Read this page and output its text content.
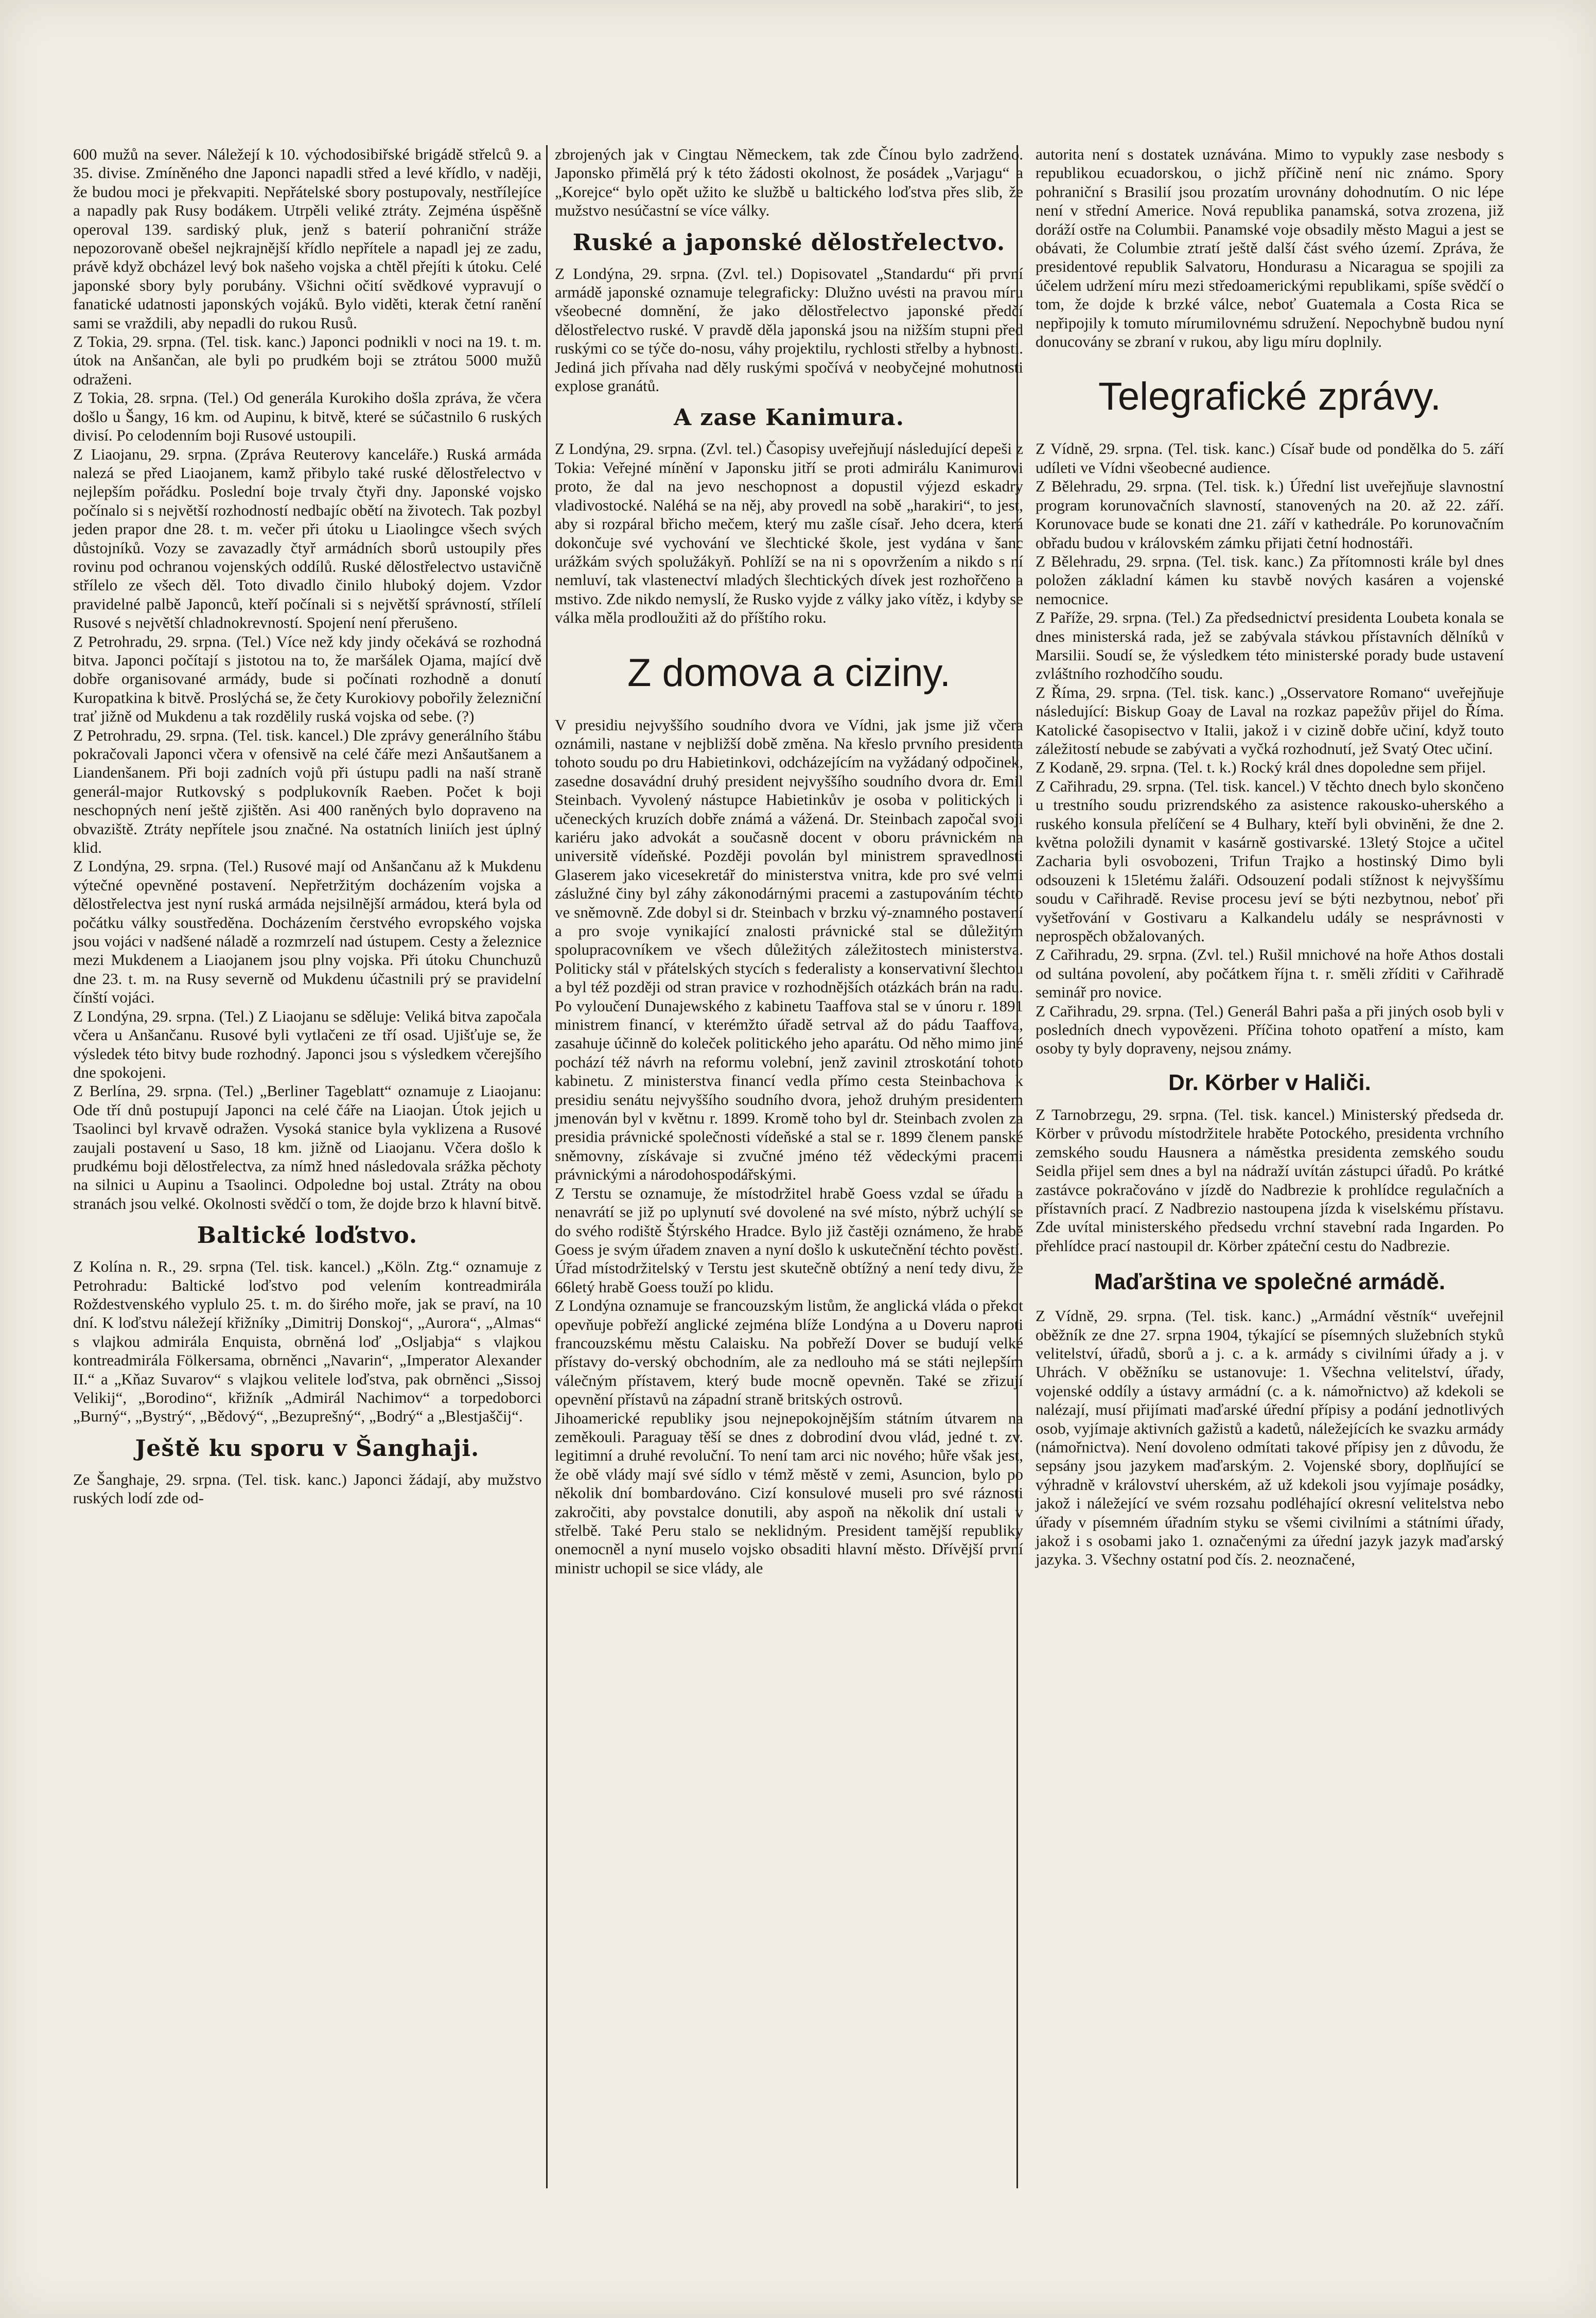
600 mužů na sever. Náležejí k 10. východosibiřské brigádě střelců 9. a 35. divise. Zmíněného dne Japonci napadli střed a levé křídlo, v naději, že budou moci je překvapiti. Nepřátelské sbory postupovaly, nestřílejíce a napadly pak Rusy bodákem. Utrpěli veliké ztráty. Zejména úspěšně operoval 139. sardiský pluk, jenž s baterií pohraniční stráže nepozorovaně obešel nejkrajnější křídlo nepřítele a napadl jej ze zadu, právě když obcházel levý bok našeho vojska a chtěl přejíti k útoku. Celé japonské sbory byly porubány. Všichni očití svědkové vypravují o fanatické udatnosti japonských vojáků. Bylo viděti, kterak četní ranění sami se vraždili, aby nepadli do rukou Rusů.

Z Tokia, 29. srpna. (Tel. tisk. kanc.) Japonci podnikli v noci na 19. t. m. útok na Anšančan, ale byli po prudkém boji se ztrátou 5000 mužů odraženi.

Z Tokia, 28. srpna. (Tel.) Od generála Kurokiho došla zpráva, že včera došlo u Šangy, 16 km. od Aupinu, k bitvě, které se súčastnilo 6 ruských divisí. Po celodenním boji Rusové ustoupili.

Z Liaojanu, 29. srpna. (Zpráva Reuterovy kanceláře.) Ruská armáda nalezá se před Liaojanem, kamž přibylo také ruské dělostřelectvo v nejlepším pořádku. Poslední boje trvaly čtyři dny. Japonské vojsko počínalo si s největší rozhodností nedbajíc obětí na životech. Tak pozbyl jeden prapor dne 28. t. m. večer při útoku u Liaolingce všech svých důstojníků. Vozy se zavazadly čtyř armádních sborů ustoupily přes rovinu pod ochranou vojenských oddílů. Ruské dělostřelectvo ustavičně střílelo ze všech děl. Toto divadlo činilo hluboký dojem. Vzdor pravidelné palbě Japonců, kteří počínali si s největší správností, střílelí Rusové s největší chladnokrevností. Spojení není přerušeno.

Z Petrohradu, 29. srpna. (Tel.) Více než kdy jindy očekává se rozhodná bitva. Japonci počítají s jistotou na to, že maršálek Ojama, mající dvě dobře organisované armády, bude si počínati rozhodně a donutí Kuropatkina k bitvě. Proslýchá se, že čety Kurokiovy pobořily železniční trať jižně od Mukdenu a tak rozdělily ruská vojska od sebe. (?)

Z Petrohradu, 29. srpna. (Tel. tisk. kancel.) Dle zprávy generálního štábu pokračovali Japonci včera v ofensivě na celé čáře mezi Anšautšanem a Liandenšanem. Při boji zadních vojů při ústupu padli na naší straně generál-major Rutkovský s podplukovník Raeben. Počet k boji neschopných není ještě zjištěn. Asi 400 raněných bylo dopraveno na obvaziště. Ztráty nepřítele jsou značné. Na ostatních liniích jest úplný klid.

Z Londýna, 29. srpna. (Tel.) Rusové mají od Anšančanu až k Mukdenu výtečné opevněné postavení. Nepřetržitým docházením vojska a dělostřelectva jest nyní ruská armáda nejsilnější armádou, která byla od počátku války soustředěna. Docházením čerstvého evropského vojska jsou vojáci v nadšené náladě a rozmrzelí nad ústupem. Cesty a železnice mezi Mukdenem a Liaojanem jsou plny vojska. Při útoku Chunchuzů dne 23. t. m. na Rusy severně od Mukdenu účastnili prý se pravidelní čínští vojáci.

Z Londýna, 29. srpna. (Tel.) Z Liaojanu se sděluje: Veliká bitva započala včera u Anšančanu. Rusové byli vytlačeni ze tří osad. Ujišťuje se, že výsledek této bitvy bude rozhodný. Japonci jsou s výsledkem včerejšího dne spokojeni.

Z Berlína, 29. srpna. (Tel.) „Berliner Tageblatt“ oznamuje z Liaojanu: Ode tří dnů postupují Japonci na celé čáře na Liaojan. Útok jejich u Tsaolinci byl krvavě odražen. Vysoká stanice byla vyklizena a Rusové zaujali postavení u Saso, 18 km. jižně od Liaojanu. Včera došlo k prudkému boji dělostřelectva, za nímž hned následovala srážka pěchoty na silnici u Aupinu a Tsaolinci. Odpoledne boj ustal. Ztráty na obou stranách jsou velké. Okolnosti svědčí o tom, že dojde brzo k hlavní bitvě.

Baltické loďstvo.

Z Kolína n. R., 29. srpna (Tel. tisk. kancel.) „Köln. Ztg.“ oznamuje z Petrohradu: Baltické loďstvo pod velením kontreadmirála Roždestvenského vyplulo 25. t. m. do širého moře, jak se praví, na 10 dní. K loďstvu náležejí křižníky „Dimitrij Donskoj“, „Aurora“, „Almas“ s vlajkou admirála Enquista, obrněná loď „Osljabja“ s vlajkou kontreadmirála Fölkersama, obrněnci „Navarin“, „Imperator Alexander II.“ a „Kňaz Suvarov“ s vlajkou velitele loďstva, pak obrněnci „Sissoj Velikij“, „Borodino“, křižník „Admirál Nachimov“ a torpedoborci „Burný“, „Bystrý“, „Bědový“, „Bezuprešný“, „Bodrý“ a „Blestjaščij“.

Ještě ku sporu v Šanghaji.

Ze Šanghaje, 29. srpna. (Tel. tisk. kanc.) Japonci žádají, aby mužstvo ruských lodí zde od-

zbrojených jak v Cingtau Německem, tak zde Čínou bylo zadrženo. Japonsko přimělá prý k této žádosti okolnost, že posádek „Varjagu“ a „Korejce“ bylo opět užito ke službě u baltického loďstva přes slib, že mužstvo nesúčastní se více války.

Ruské a japonské dělostřelectvo.

Z Londýna, 29. srpna. (Zvl. tel.) Dopisovatel „Standardu“ při první armádě japonské oznamuje telegraficky: Dlužno uvésti na pravou míru všeobecné domnění, že jako dělostřelectvo japonské předčí dělostřelectvo ruské. V pravdě děla japonská jsou na nižším stupni před ruskými co se týče do-nosu, váhy projektilu, rychlosti střelby a hybnosti. Jediná jich přívaha nad děly ruskými spočívá v neobyčejné mohutnosti explose granátů.

A zase Kanimura.

Z Londýna, 29. srpna. (Zvl. tel.) Časopisy uveřejňují následující depeši z Tokia: Veřejné mínění v Japonsku jitří se proti admirálu Kanimurovi proto, že dal na jevo neschopnost a dopustil výjezd eskadry vladivostocké. Naléhá se na něj, aby provedl na sobě „harakiri“, to jest, aby si rozpáral břicho mečem, který mu zašle císař. Jeho dcera, která dokončuje své vychování ve šlechtické škole, jest vydána v šanc urážkám svých spolužákyň. Pohlíží se na ni s opovržením a nikdo s ní nemluví, tak vlastenectví mladých šlechtických dívek jest rozhořčeno a mstivo. Zde nikdo nemyslí, že Rusko vyjde z války jako vítěz, i kdyby se válka měla prodloužiti až do příštího roku.

Z domova a ciziny.

V presidiu nejvyššího soudního dvora ve Vídni, jak jsme již včera oznámili, nastane v nejbližší době změna. Na křeslo prvního presidenta tohoto soudu po dru Habietinkovi, odcházejícím na vyžádaný odpočinek, zasedne dosavádní druhý president nejvyššího soudního dvora dr. Emil Steinbach. Vyvolený nástupce Habietinkův je osoba v politických i učeneckých kruzích dobře známá a vážená. Dr. Steinbach započal svoji kariéru jako advokát a současně docent v oboru právnickém na universitě vídeňské. Později povolán byl ministrem spravedlnosti Glaserem jako vicesekretář do ministerstva vnitra, kde pro své velmi záslužné činy byl záhy zákonodárnými pracemi a zastupováním téchto ve sněmovně. Zde dobyl si dr. Steinbach v brzku vý-znamného postavení a pro svoje vynikající znalosti právnické stal se důležitým spolupracovníkem ve všech důležitých záležitostech ministerstva. Politicky stál v přátelských stycích s federalisty a konservativní šlechtou a byl též později od stran pravice v rozhodnějších otázkách brán na radu. Po vyloučení Dunajewského z kabinetu Taaffova stal se v únoru r. 1891 ministrem financí, v kterémžto úřadě setrval až do pádu Taaffova, zasahuje účinně do koleček politického jeho aparátu. Od něho mimo jiné pochází též návrh na reformu volební, jenž zavinil ztroskotání tohoto kabinetu. Z ministerstva financí vedla přímo cesta Steinbachova k presidiu senátu nejvyššího soudního dvora, jehož druhým presidentem jmenován byl v květnu r. 1899. Kromě toho byl dr. Steinbach zvolen za presidia právnické společnosti vídeňské a stal se r. 1899 členem panské sněmovny, získávaje si zvučné jméno též vědeckými pracemi právnickými a národohospodářskými.

Z Terstu se oznamuje, že místodržitel hrabě Goess vzdal se úřadu a nenavrátí se již po uplynutí své dovolené na své místo, nýbrž uchýlí se do svého rodiště Štýrského Hradce. Bylo již častěji oznámeno, že hrabě Goess je svým úřadem znaven a nyní došlo k uskutečnění téchto pověstí. Úřad místodržitelský v Terstu jest skutečně obtížný a není tedy divu, že 66letý hrabě Goess touží po klidu.

Z Londýna oznamuje se francouzským listům, že anglická vláda o překot opevňuje pobřeží anglické zejména blíže Londýna a u Doveru naproti francouzskému městu Calaisku. Na pobřeží Dover se budují velké přístavy do-verský obchodním, ale za nedlouho má se státi nejlepším válečným přístavem, který bude mocně opevněn. Také se zřizují opevnění přístavů na západní straně britských ostrovů.

Jihoamerické republiky jsou nejnepokojnějším státním útvarem na zeměkouli. Paraguay těší se dnes z dobrodiní dvou vlád, jedné t. zv. legitimní a druhé revoluční. To není tam arci nic nového; hůře však jest, že obě vlády mají své sídlo v témž městě v zemi, Asuncion, bylo po několik dní bombardováno. Cizí konsulové museli pro své ráznosti zakročiti, aby povstalce donutili, aby aspoň na několik dní ustali v střelbě. Také Peru stalo se neklidným. President tamější republiky onemocněl a nyní muselo vojsko obsaditi hlavní město. Dřívější první ministr uchopil se sice vlády, ale

autorita není s dostatek uznávána. Mimo to vypukly zase nesbody s republikou ecuadorskou, o jichž příčině není nic známo. Spory pohraniční s Brasilií jsou prozatím urovnány dohodnutím. O nic lépe není v střední Americe. Nová republika panamská, sotva zrozena, již doráží ostře na Columbii. Panamské voje obsadily město Magui a jest se obávati, že Columbie ztratí ještě další část svého území. Zpráva, že presidentové republik Salvatoru, Hondurasu a Nicaragua se spojili za účelem udržení míru mezi středoamerickými republikami, spíše svědčí o tom, že dojde k brzké válce, neboť Guatemala a Costa Rica se nepřipojily k tomuto mírumilovnému sdružení. Nepochybně budou nyní donucovány se zbraní v rukou, aby ligu míru doplnily.

Telegrafické zprávy.

Z Vídně, 29. srpna. (Tel. tisk. kanc.) Císař bude od pondělka do 5. září udíleti ve Vídni všeobecné audience.

Z Bělehradu, 29. srpna. (Tel. tisk. k.) Úřední list uveřejňuje slavnostní program korunovačních slavností, stanovených na 20. až 22. září. Korunovace bude se konati dne 21. září v kathedrále. Po korunovačním obřadu budou v královském zámku přijati četní hodnostáři.

Z Bělehradu, 29. srpna. (Tel. tisk. kanc.) Za přítomnosti krále byl dnes položen základní kámen ku stavbě nových kasáren a vojenské nemocnice.

Z Paříže, 29. srpna. (Tel.) Za předsednictví presidenta Loubeta konala se dnes ministerská rada, jež se zabývala stávkou přístavních dělníků v Marsilii. Soudí se, že výsledkem této ministerské porady bude ustavení zvláštního rozhodčího soudu.

Z Říma, 29. srpna. (Tel. tisk. kanc.) „Osservatore Romano“ uveřejňuje následující: Biskup Goay de Laval na rozkaz papežův přijel do Říma. Katolické časopisectvo v Italii, jakož i v cizině dobře učiní, když touto záležitostí nebude se zabývati a vyčká rozhodnutí, jež Svatý Otec učiní.

Z Kodaně, 29. srpna. (Tel. t. k.) Rocký král dnes dopoledne sem přijel.

Z Cařihradu, 29. srpna. (Tel. tisk. kancel.) V těchto dnech bylo skončeno u trestního soudu prizrendského za asistence rakousko-uherského a ruského konsula přelíčení se 4 Bulhary, kteří byli obviněni, že dne 2. května položili dynamit v kasárně gostivarské. 13letý Stojce a učitel Zacharia byli osvobozeni, Trifun Trajko a hostinský Dimo byli odsouzeni k 15letému žaláři. Odsouzení podali stížnost k nejvyššímu soudu v Cařihradě. Revise procesu jeví se býti nezbytnou, neboť při vyšetřování v Gostivaru a Kalkandelu udály se nesprávnosti v neprospěch obžalovaných.

Z Cařihradu, 29. srpna. (Zvl. tel.) Rušil mnichové na hoře Athos dostali od sultána povolení, aby počátkem října t. r. směli zříditi v Cařihradě seminář pro novice.

Z Cařihradu, 29. srpna. (Tel.) Generál Bahri paša a při jiných osob byli v posledních dnech vypovězeni. Příčina tohoto opatření a místo, kam osoby ty byly dopraveny, nejsou známy.

Dr. Körber v Haliči.

Z Tarnobrzegu, 29. srpna. (Tel. tisk. kancel.) Ministerský předseda dr. Körber v průvodu místodržitele hraběte Potockého, presidenta vrchního zemského soudu Hausnera a náměstka presidenta zemského soudu Seidla přijel sem dnes a byl na nádraží uvítán zástupci úřadů. Po krátké zastávce pokračováno v jízdě do Nadbrezie k prohlídce regulačních a přístavních prací. Z Nadbrezio nastoupena jízda k viselskému přístavu. Zde uvítal ministerského předsedu vrchní stavební rada Ingarden. Po přehlídce prací nastoupil dr. Körber zpáteční cestu do Nadbrezie.

Maďarština ve společné armádě.

Z Vídně, 29. srpna. (Tel. tisk. kanc.) „Armádní věstník“ uveřejnil oběžník ze dne 27. srpna 1904, týkající se písemných služebních styků velitelství, úřadů, sborů a j. c. a k. armády s civilními úřady a j. v Uhrách. V oběžníku se ustanovuje: 1. Všechna velitelství, úřady, vojenské oddíly a ústavy armádní (c. a k. námořnictvo) až kdekoli se nalézají, musí přijímati maďarské úřední přípisy a podání jednotlivých osob, vyjímaje aktivních gažistů a kadetů, náležejících ke svazku armády (námořnictva). Není dovoleno odmítati takové přípisy jen z důvodu, že sepsány jsou jazykem maďarským. 2. Vojenské sbory, doplňující se výhradně v království uherském, až už kdekoli jsou vyjímaje posádky, jakož i náležející ve svém rozsahu podléhající okresní velitelstva nebo úřady v písemném úřadním styku se všemi civilními a státními úřady, jakož i s osobami jako 1. označenými za úřední jazyk jazyk maďarský jazyka. 3. Všechny ostatní pod čís. 2. neoznačené,
